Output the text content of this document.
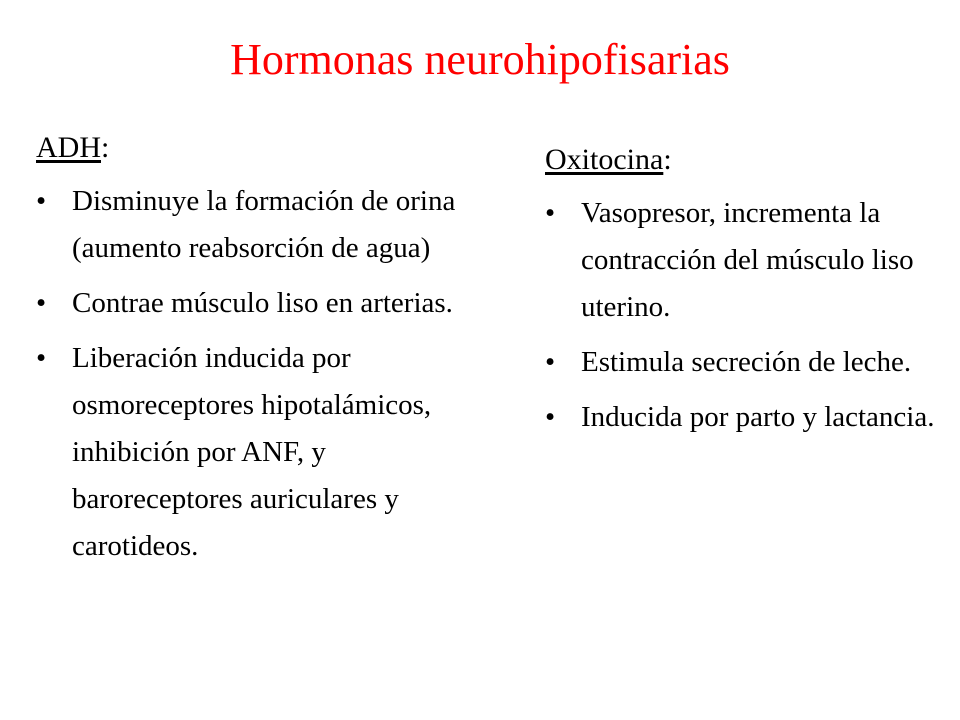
Hormonas neurohipofisarias
ADH:
• Disminuye la formación de orina (aumento reabsorción de agua)
• Contrae músculo liso en arterias.
• Liberación inducida por osmoreceptores hipotalámicos, inhibición por ANF, y baroreceptores auriculares y carotideos.
Oxitocina:
• Vasopresor, incrementa la contracción del músculo liso uterino.
• Estimula secreción de leche.
• Inducida por parto y lactancia.
